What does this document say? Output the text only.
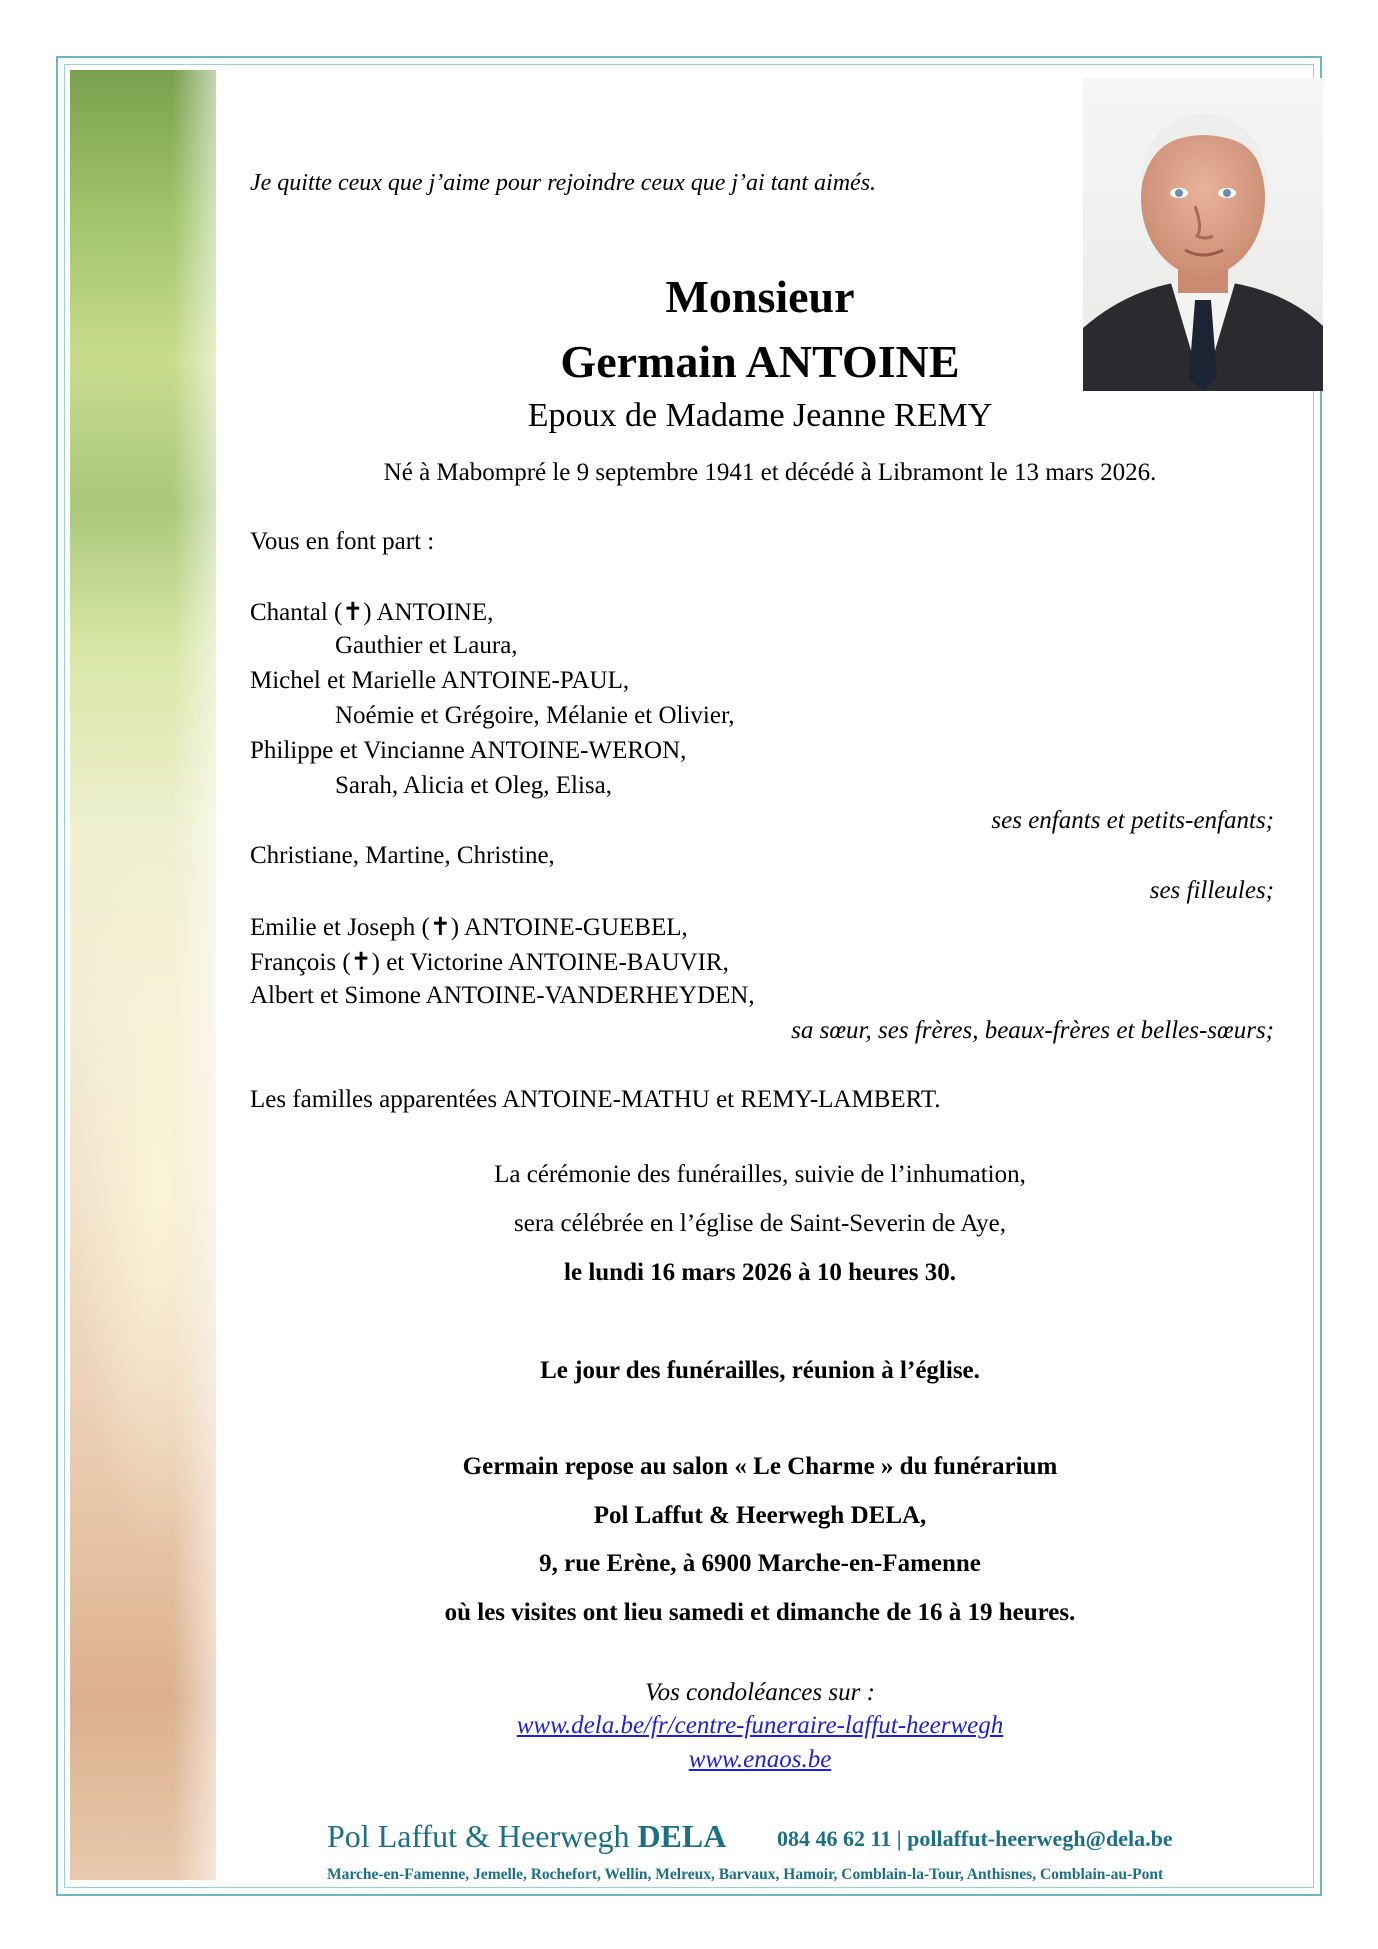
Je quitte ceux que j’aime pour rejoindre ceux que j’ai tant aimés.
Monsieur
Germain ANTOINE
Epoux de Madame Jeanne REMY
Né à Mabompré le 9 septembre 1941 et décédé à Libramont le 13 mars 2026.
Vous en font part :
Chantal (✝) ANTOINE,
Gauthier et Laura,
Michel et Marielle ANTOINE-PAUL,
Noémie et Grégoire, Mélanie et Olivier,
Philippe et Vincianne ANTOINE-WERON,
Sarah, Alicia et Oleg, Elisa,
ses enfants et petits-enfants;
Christiane, Martine, Christine,
ses filleules;
Emilie et Joseph (✝) ANTOINE-GUEBEL,
François (✝) et Victorine ANTOINE-BAUVIR,
Albert et Simone ANTOINE-VANDERHEYDEN,
sa sœur, ses frères, beaux-frères et belles-sœurs;
Les familles apparentées ANTOINE-MATHU et REMY-LAMBERT.
La cérémonie des funérailles, suivie de l’inhumation,
sera célébrée en l’église de Saint-Severin de Aye,
le lundi 16 mars 2026 à 10 heures 30.
Le jour des funérailles, réunion à l’église.
Germain repose au salon « Le Charme » du funérarium
Pol Laffut & Heerwegh DELA,
9, rue Erène, à 6900 Marche-en-Famenne
où les visites ont lieu samedi et dimanche de 16 à 19 heures.
Vos condoléances sur :
www.dela.be/fr/centre-funeraire-laffut-heerwegh
www.enaos.be
Pol Laffut & Heerwegh DELA 084 46 62 11 | pollaffut-heerwegh@dela.be
Marche-en-Famenne, Jemelle, Rochefort, Wellin, Melreux, Barvaux, Hamoir, Comblain-la-Tour, Anthisnes, Comblain-au-Pont
